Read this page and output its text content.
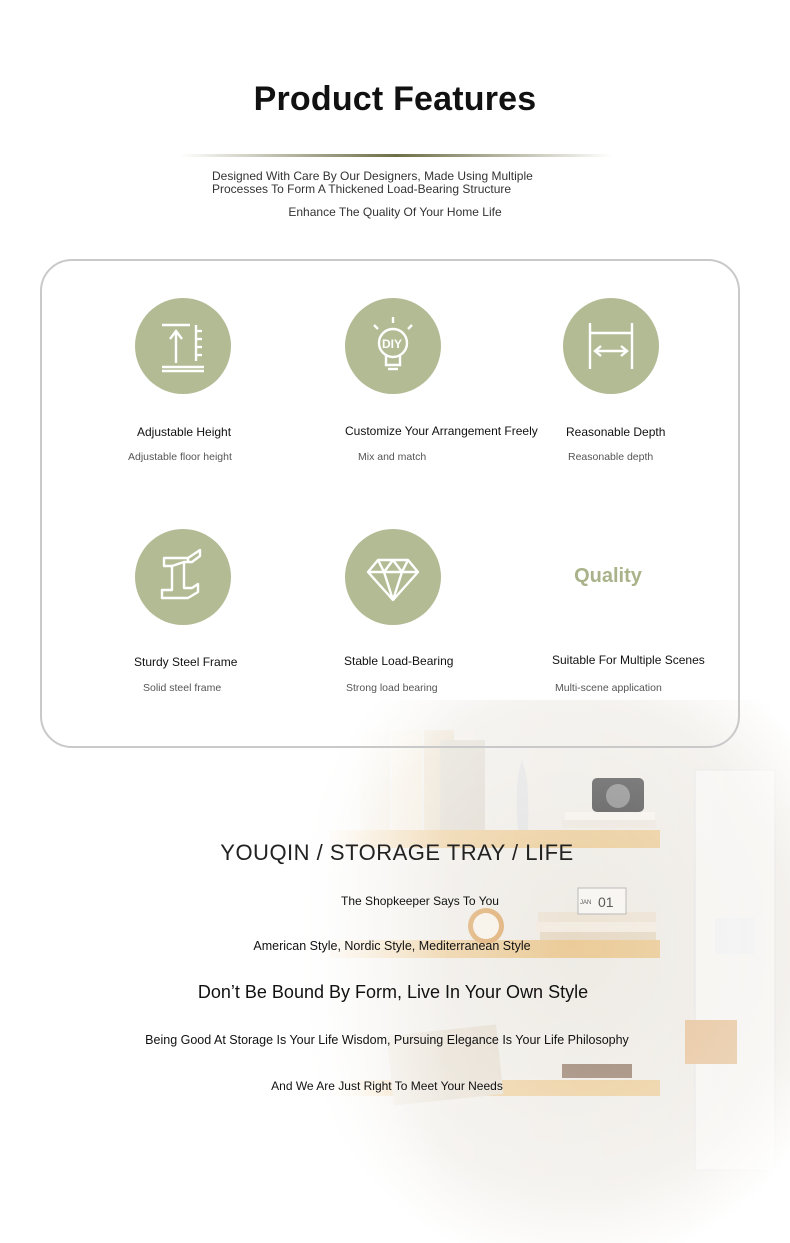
Product Features
Designed With Care By Our Designers, Made Using Multiple
Processes To Form A Thickened Load-Bearing Structure
Enhance The Quality Of Your Home Life
Adjustable Height
Adjustable floor height
DIY
Customize Your Arrangement Freely
Mix and match
Reasonable Depth
Reasonable depth
Sturdy Steel Frame
Solid steel frame
Stable Load-Bearing
Strong load bearing
Quality
Suitable For Multiple Scenes
Multi-scene application
YOUQIN / STORAGE TRAY / LIFE
The Shopkeeper Says To You
American Style, Nordic Style, Mediterranean Style
Don’t Be Bound By Form, Live In Your Own Style
Being Good At Storage Is Your Life Wisdom, Pursuing Elegance Is Your Life Philosophy
And We Are Just Right To Meet Your Needs
